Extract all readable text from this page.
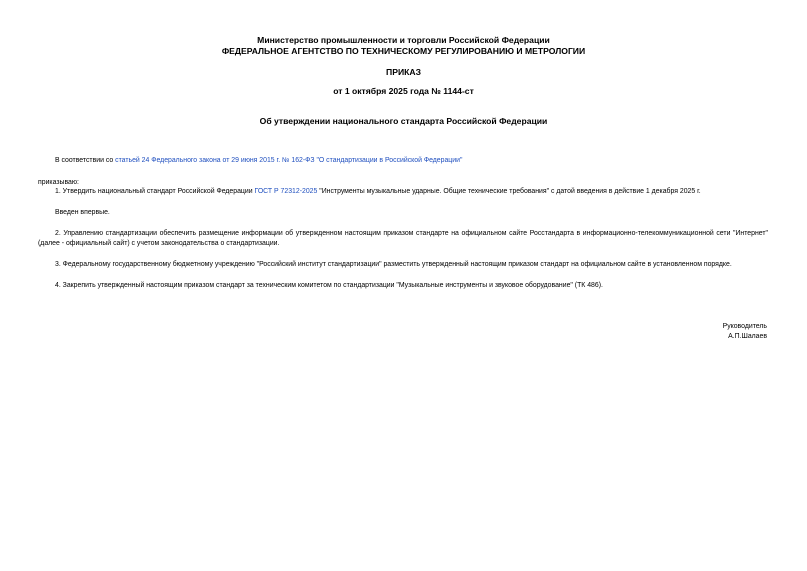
Министерство промышленности и торговли Российской Федерации
ФЕДЕРАЛЬНОЕ АГЕНТСТВО ПО ТЕХНИЧЕСКОМУ РЕГУЛИРОВАНИЮ И МЕТРОЛОГИИ
ПРИКАЗ
от 1 октября 2025 года № 1144-ст
Об утверждении национального стандарта Российской Федерации
В соответствии со статьей 24 Федерального закона от 29 июня 2015 г. № 162-ФЗ "О стандартизации в Российской Федерации"
приказываю:
1. Утвердить национальный стандарт Российской Федерации ГОСТ Р 72312-2025 "Инструменты музыкальные ударные. Общие технические требования" с датой введения в действие 1 декабря 2025 г.
Введен впервые.
2. Управлению стандартизации обеспечить размещение информации об утвержденном настоящим приказом стандарте на официальном сайте Росстандарта в информационно-телекоммуникационной сети "Интернет" (далее - официальный сайт) с учетом законодательства о стандартизации.
3. Федеральному государственному бюджетному учреждению "Российский институт стандартизации" разместить утвержденный настоящим приказом стандарт на официальном сайте в установленном порядке.
4. Закрепить утвержденный настоящим приказом стандарт за техническим комитетом по стандартизации "Музыкальные инструменты и звуковое оборудование" (ТК 486).
Руководитель
А.П.Шалаев
